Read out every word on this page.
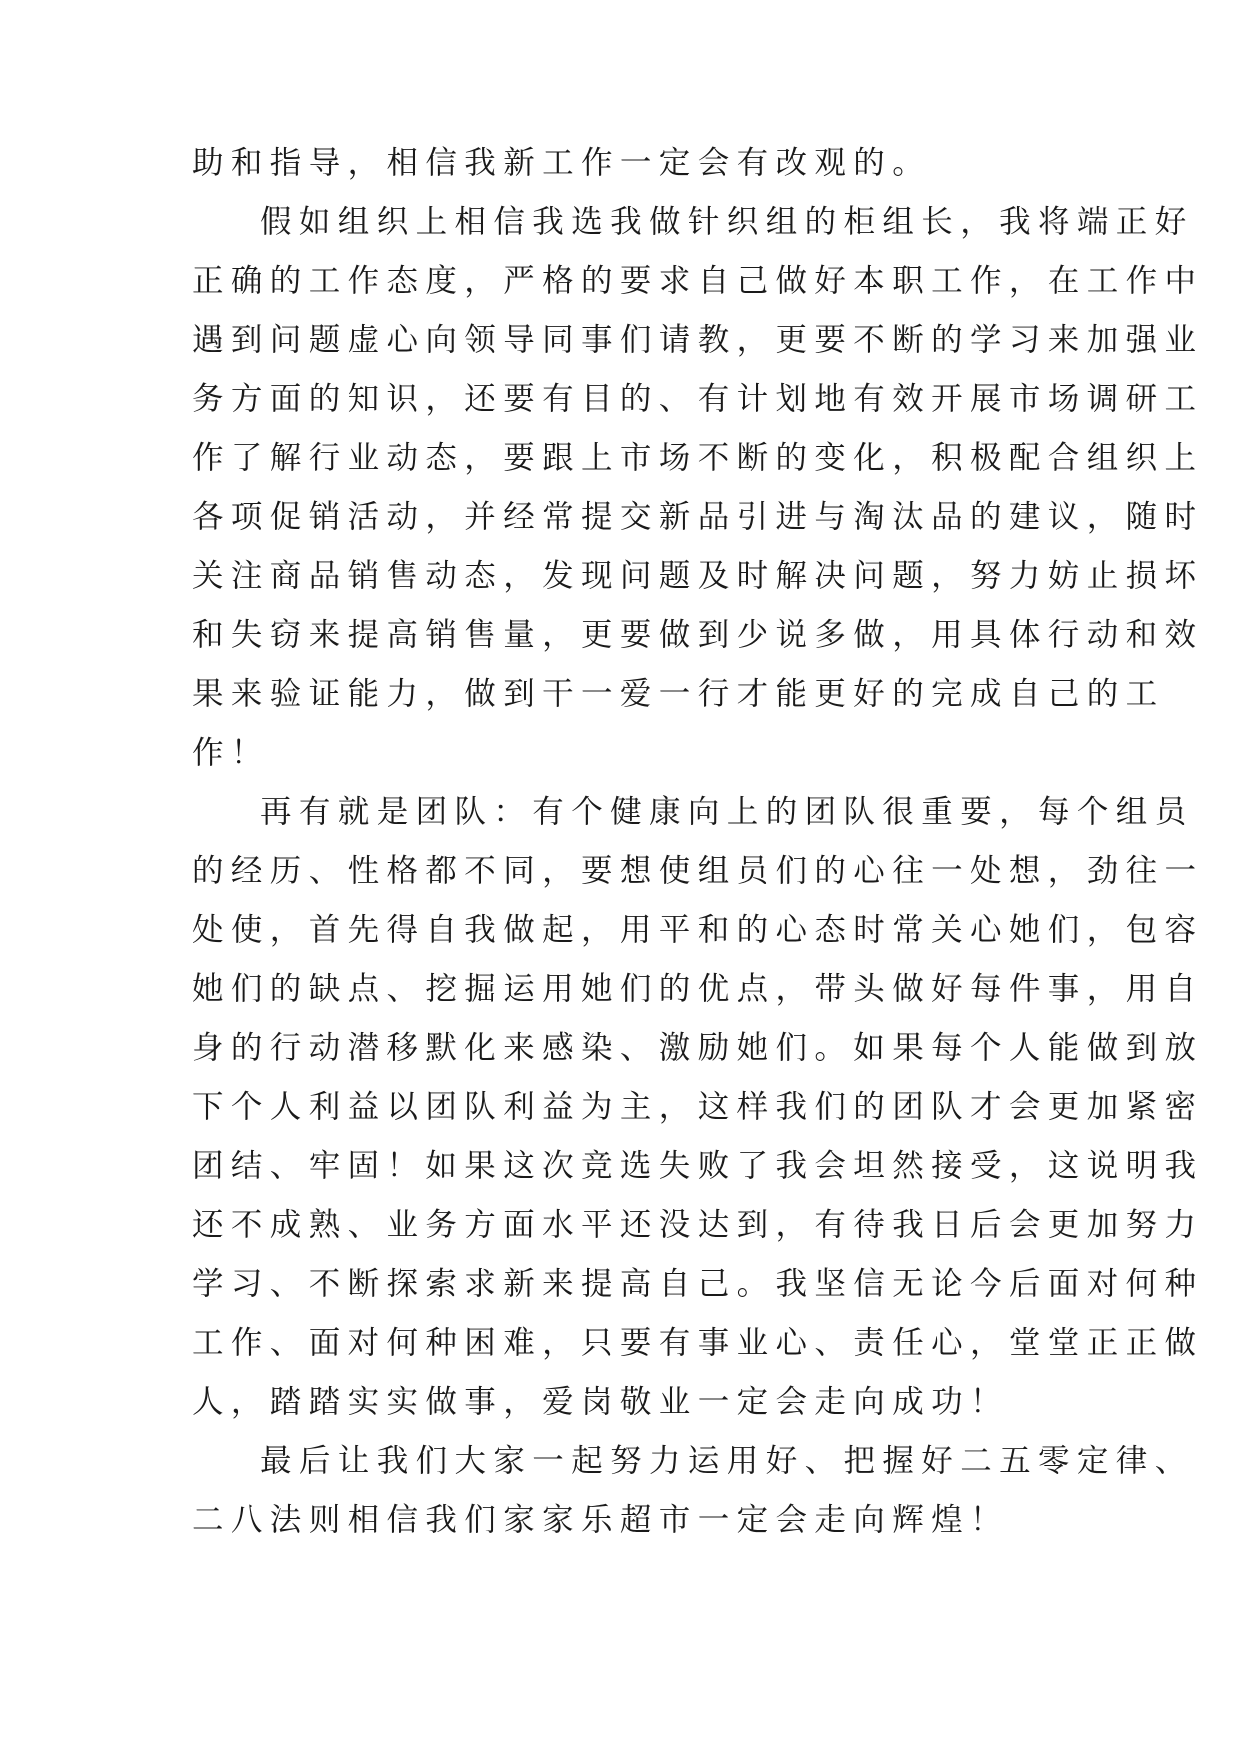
助和指导，相信我新工作一定会有改观的。
假如组织上相信我选我做针织组的柜组长，我将端正好
正确的工作态度，严格的要求自己做好本职工作，在工作中
遇到问题虚心向领导同事们请教，更要不断的学习来加强业
务方面的知识，还要有目的、有计划地有效开展市场调研工
作了解行业动态，要跟上市场不断的变化，积极配合组织上
各项促销活动，并经常提交新品引进与淘汰品的建议，随时
关注商品销售动态，发现问题及时解决问题，努力妨止损坏
和失窃来提高销售量，更要做到少说多做，用具体行动和效
果来验证能力，做到干一爱一行才能更好的完成自己的工
作！
再有就是团队：有个健康向上的团队很重要，每个组员
的经历、性格都不同，要想使组员们的心往一处想，劲往一
处使，首先得自我做起，用平和的心态时常关心她们，包容
她们的缺点、挖掘运用她们的优点，带头做好每件事，用自
身的行动潜移默化来感染、激励她们。如果每个人能做到放
下个人利益以团队利益为主，这样我们的团队才会更加紧密
团结、牢固！如果这次竞选失败了我会坦然接受，这说明我
还不成熟、业务方面水平还没达到，有待我日后会更加努力
学习、不断探索求新来提高自己。我坚信无论今后面对何种
工作、面对何种困难，只要有事业心、责任心，堂堂正正做
人，踏踏实实做事，爱岗敬业一定会走向成功！
最后让我们大家一起努力运用好、把握好二五零定律、
二八法则相信我们家家乐超市一定会走向辉煌！
